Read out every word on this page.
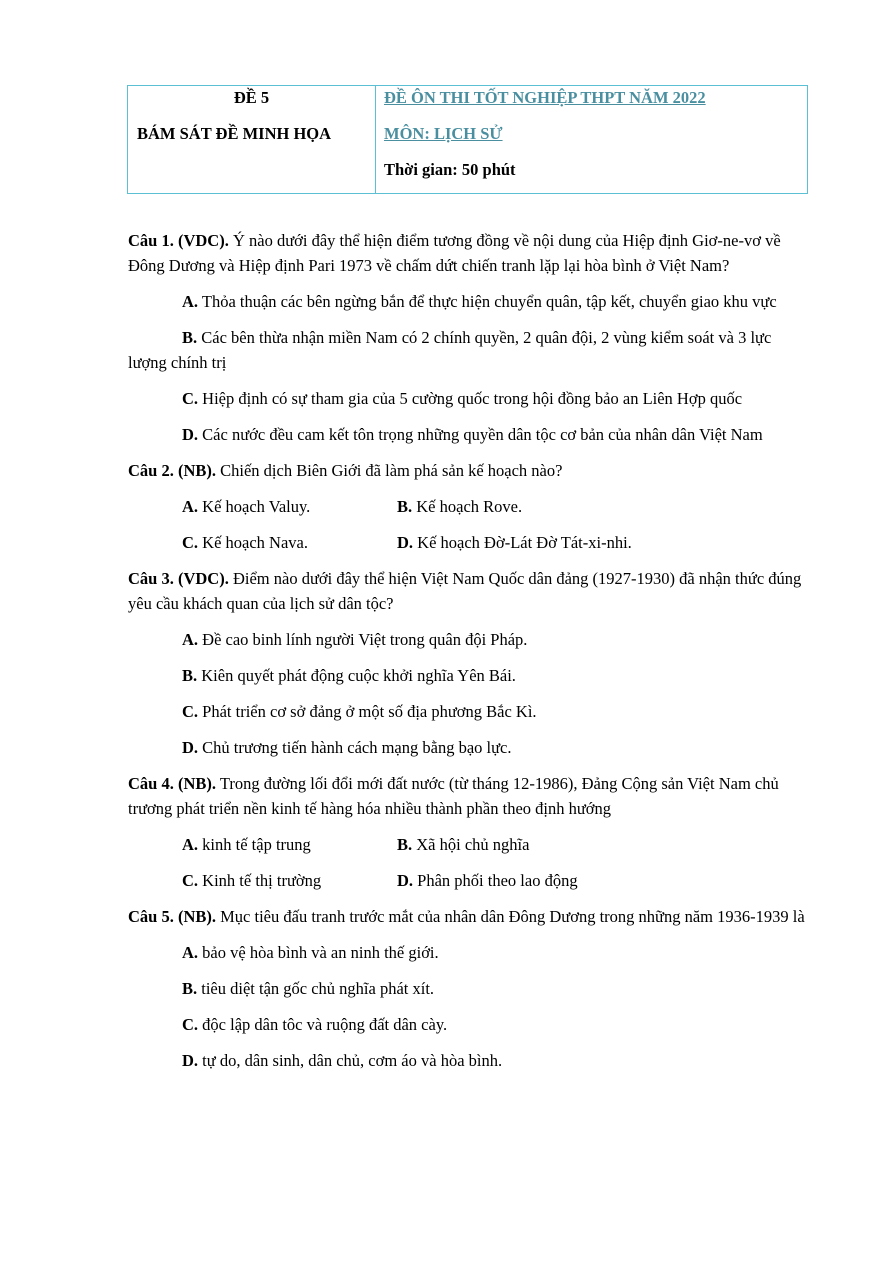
ĐỀ 5
BÁM SÁT ĐỀ MINH HỌA
ĐỀ ÔN THI TỐT NGHIỆP THPT NĂM 2022
MÔN: LỊCH SỬ
Thời gian: 50 phút
Câu 1. (VDC). Ý nào dưới đây thể hiện điểm tương đồng về nội dung của Hiệp định Giơ-ne-vơ về Đông Dương và Hiệp định Pari 1973 về chấm dứt chiến tranh lặp lại hòa bình ở Việt Nam?
A. Thỏa thuận các bên ngừng bắn để thực hiện chuyển quân, tập kết, chuyển giao khu vực
B. Các bên thừa nhận miền Nam có 2 chính quyền, 2 quân đội, 2 vùng kiểm soát và 3 lực lượng chính trị
C. Hiệp định có sự tham gia của 5 cường quốc trong hội đồng bảo an Liên Hợp quốc
D. Các nước đều cam kết tôn trọng những quyền dân tộc cơ bản của nhân dân Việt Nam
Câu 2. (NB). Chiến dịch Biên Giới đã làm phá sản kế hoạch nào?
A. Kế hoạch Valuy.	B. Kế hoạch Rove.
C. Kế hoạch Nava.	D. Kế hoạch Đờ-Lát Đờ Tát-xi-nhi.
Câu 3. (VDC). Điểm nào dưới đây thể hiện Việt Nam Quốc dân đảng (1927-1930) đã nhận thức đúng yêu cầu khách quan của lịch sử dân tộc?
A. Đề cao binh lính người Việt trong quân đội Pháp.
B. Kiên quyết phát động cuộc khởi nghĩa Yên Bái.
C. Phát triển cơ sở đảng ở một số địa phương Bắc Kì.
D. Chủ trương tiến hành cách mạng bằng bạo lực.
Câu 4. (NB). Trong đường lối đổi mới đất nước (từ tháng 12-1986), Đảng Cộng sản Việt Nam chủ trương phát triển nền kinh tế hàng hóa nhiều thành phần theo định hướng
A. kinh tế tập trung	B. Xã hội chủ nghĩa
C. Kinh tế thị trường	D. Phân phối theo lao động
Câu 5. (NB). Mục tiêu đấu tranh trước mắt của nhân dân Đông Dương trong những năm 1936-1939 là
A. bảo vệ hòa bình và an ninh thế giới.
B. tiêu diệt tận gốc chủ nghĩa phát xít.
C. độc lập dân tôc và ruộng đất dân cày.
D. tự do, dân sinh, dân chủ, cơm áo và hòa bình.
